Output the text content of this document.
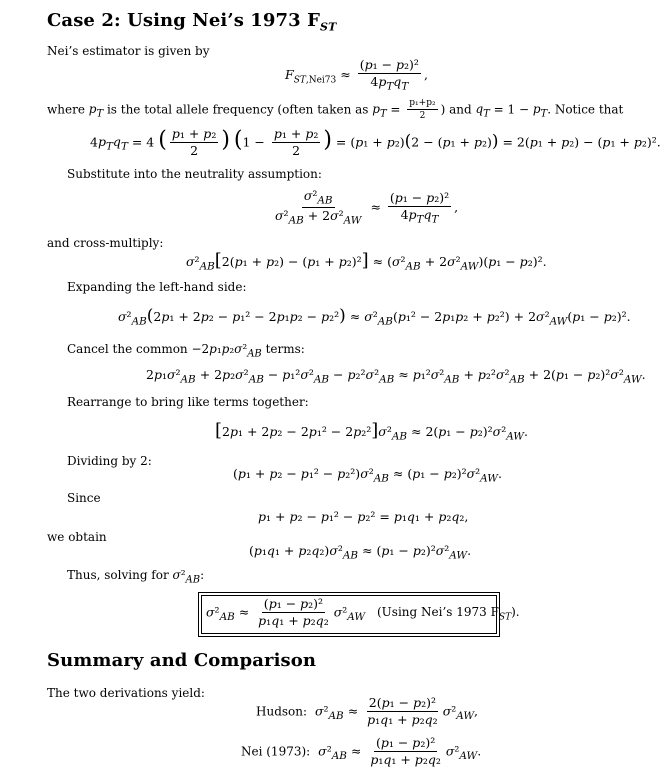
Case 2: Using Nei’s 1973 $F_{ST}$
Nei’s estimator is given by
$F_{ST,Nei73} \approx \frac{\text{(p₁ − p₂)²}}{4p_Tq_T}$ ,
where $p_T$ is the total allele frequency (often taken as $p_T = \frac{\text{p₁+p₂}}{2}$ ) and $q_T = 1 - p_T$. Notice that
$4p_Tq_T = 4$ ( $\frac{\text{p₁ + p₂}}{2}$ ) ($1 - \frac{\text{p₁ + p₂}}{2}$ ) = (p₁ + p₂)(2 − (p₁ + p₂)) = 2(p₁ + p₂) − (p₁ + p₂)².
Substitute into the neutrality assumption:
$\frac{\sigma^2_{AB}}{\sigma^2_{AB} + 2\sigma^2_{AW}} \approx \frac{\text{(p₁ − p₂)²}}{4p_Tq_T}$ ,
and cross-multiply:
$\sigma^2_{AB}[2(p_1 + p_2) - (p_1 + p_2)^2] \approx (\sigma^2_{AB} + 2\sigma^2_{AW})(p_1 - p_2)^2$.
Expanding the left-hand side:
$\sigma^2_{AB}(2p_1 + 2p_2 - p_1^2 - 2p_1p_2 - p_2^2) \approx \sigma^2_{AB}(p_1^2 - 2p_1p_2 + p_2^2) + 2\sigma^2_{AW}(p_1 - p_2)^2$.
Cancel the common $-2p_1p_2\sigma^2_{AB}$ terms:
$2p_1\sigma^2_{AB} + 2p_2\sigma^2_{AB} - p_1^2\sigma^2_{AB} - p_2^2\sigma^2_{AB} \approx p_1^2\sigma^2_{AB} + p_2^2\sigma^2_{AB} + 2(p_1 - p_2)^2\sigma^2_{AW}$.
Rearrange to bring like terms together:
$[2p_1 + 2p_2 - 2p_1^2 - 2p_2^2]\sigma^2_{AB} \approx 2(p_1 - p_2)^2\sigma^2_{AW}$.
Dividing by 2:
$(p_1 + p_2 - p_1^2 - p_2^2)\sigma^2_{AB} \approx (p_1 - p_2)^2\sigma^2_{AW}$.
Since
p₁ + p₂ − p₁² − p₂² = p₁q₁ + p₂q₂,
we obtain
$(p_1q_1 + p_2q_2)\sigma^2_{AB} \approx (p_1 - p_2)^2\sigma^2_{AW}$.
Thus, solving for $\sigma^2_{AB}$:
$\sigma^2_{AB} \approx \frac{\text{(p₁ − p₂)²}}{\text{p₁q₁ + p₂q₂}} \sigma^2_{AW}$ (Using Nei’s 1973 $F_{ST}$).
Summary and Comparison
The two derivations yield:
Hudson: $\sigma^2_{AB} \approx \frac{\text{2(p₁ − p₂)²}}{\text{p₁q₁ + p₂q₂}} \sigma^2_{AW}$,
Nei (1973): $\sigma^2_{AB} \approx \frac{\text{(p₁ − p₂)²}}{\text{p₁q₁ + p₂q₂}} \sigma^2_{AW}$.
